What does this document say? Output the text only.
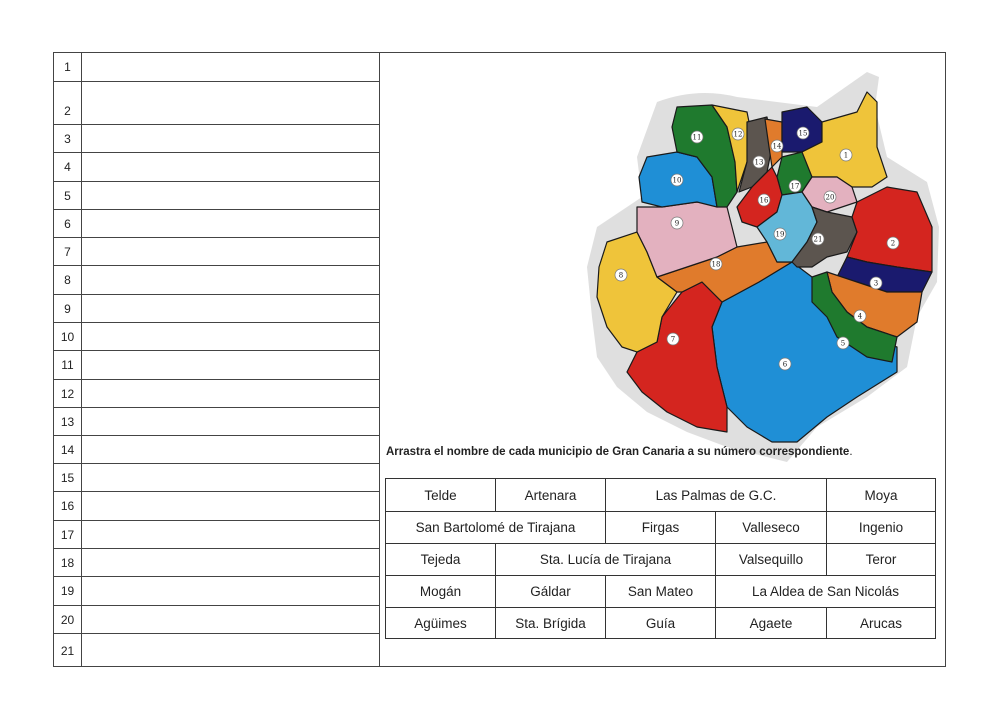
1
2
3
4
5
6
7
8
9
10
11
12
13
14
15
16
17
18
19
20
21
1
2
3
4
5
6
7
8
9
10
11	12
13
14
15
16
17
18
19
20
21
Arrastra el nombre de cada municipio de Gran Canaria a su número correspondiente.
Telde	Artenara	Las Palmas de G.C.	Moya
San Bartolomé de Tirajana	Firgas	Valleseco	Ingenio
Tejeda	Sta. Lucía de Tirajana	Valsequillo	Teror
Mogán	Gáldar	San Mateo	La Aldea de San Nicolás
Agüimes	Sta. Brígida	Guía	Agaete	Arucas
